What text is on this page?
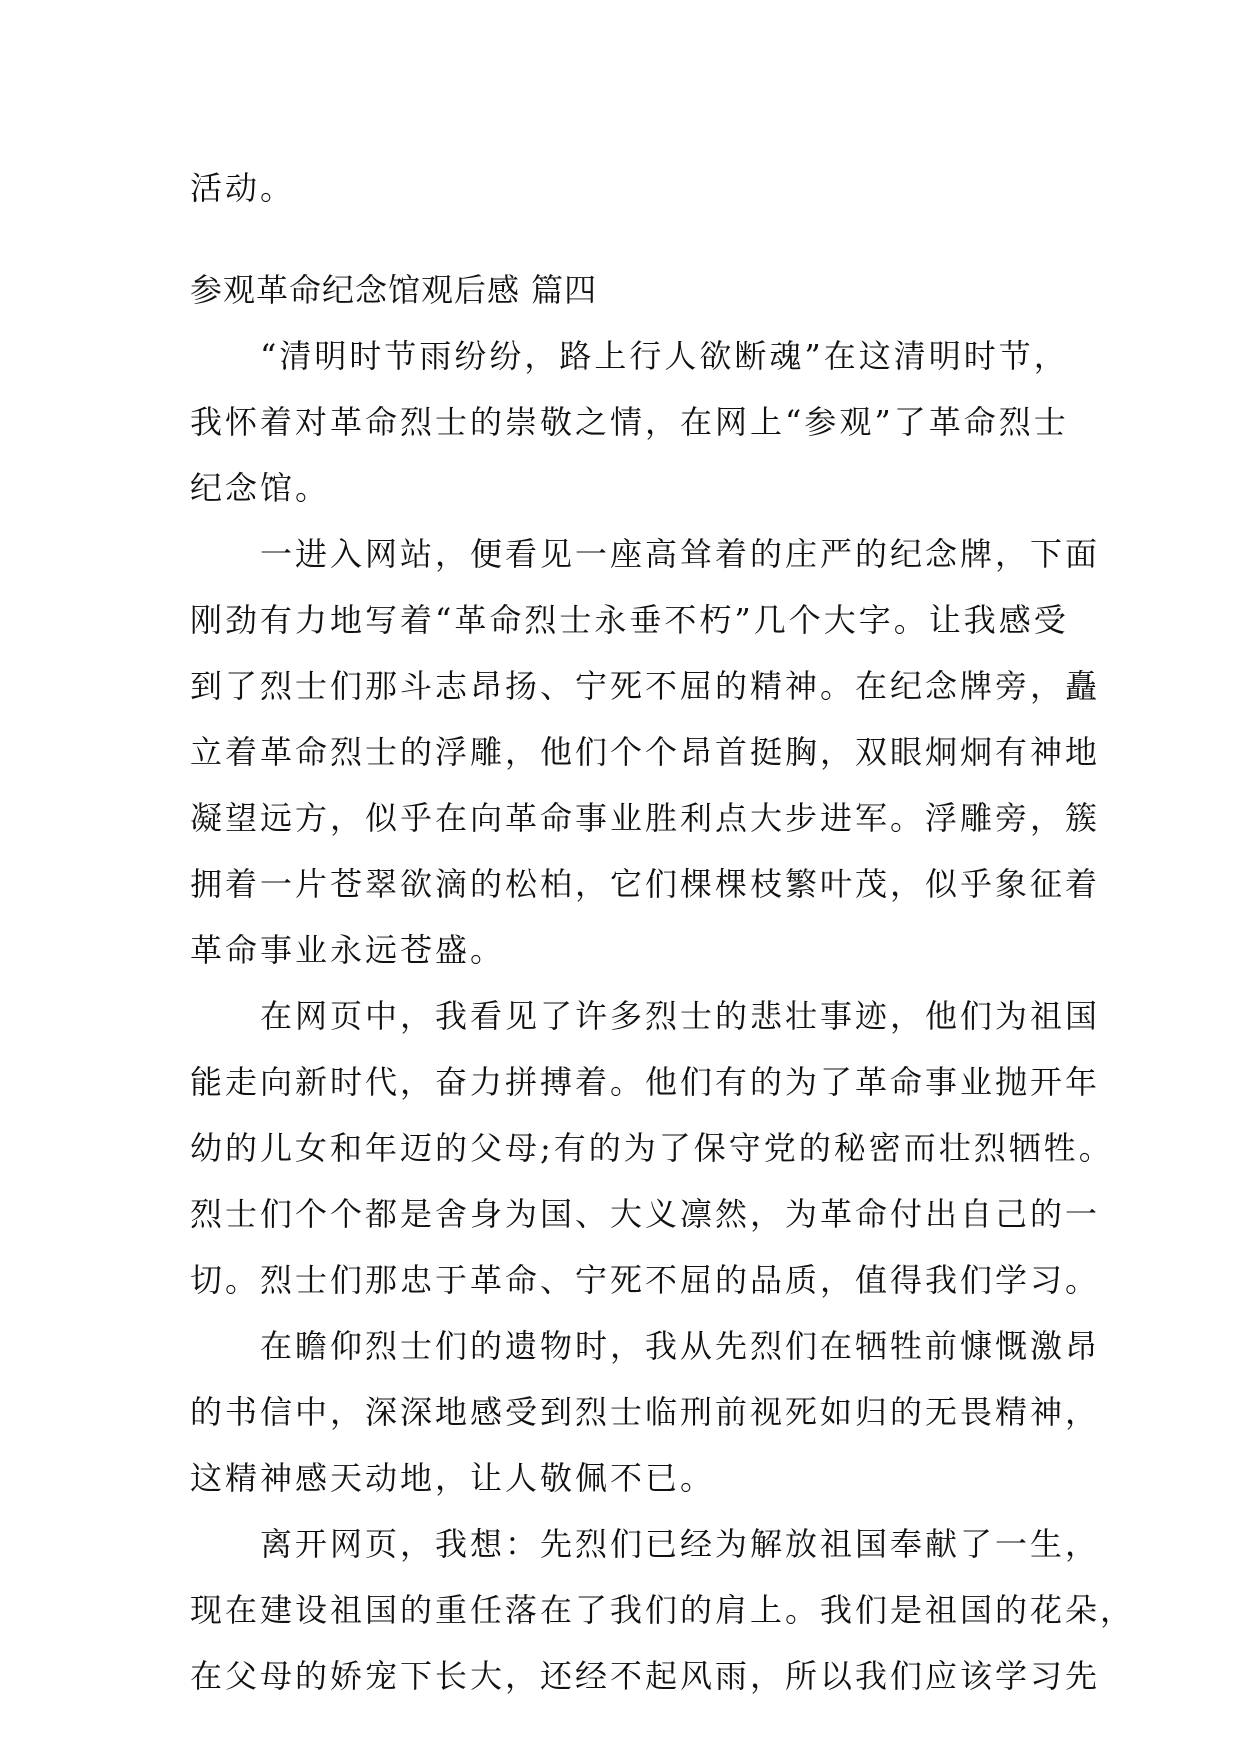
活动。
参观革命纪念馆观后感 篇四
　　“清明时节雨纷纷，路上行人欲断魂”在这清明时节，
我怀着对革命烈士的崇敬之情，在网上“参观”了革命烈士
纪念馆。
　　一进入网站，便看见一座高耸着的庄严的纪念牌，下面
刚劲有力地写着“革命烈士永垂不朽”几个大字。让我感受
到了烈士们那斗志昂扬、宁死不屈的精神。在纪念牌旁，矗
立着革命烈士的浮雕，他们个个昂首挺胸，双眼炯炯有神地
凝望远方，似乎在向革命事业胜利点大步进军。浮雕旁，簇
拥着一片苍翠欲滴的松柏，它们棵棵枝繁叶茂，似乎象征着
革命事业永远苍盛。
　　在网页中，我看见了许多烈士的悲壮事迹，他们为祖国
能走向新时代，奋力拼搏着。他们有的为了革命事业抛开年
幼的儿女和年迈的父母;有的为了保守党的秘密而壮烈牺牲。
烈士们个个都是舍身为国、大义凛然，为革命付出自己的一
切。烈士们那忠于革命、宁死不屈的品质，值得我们学习。
　　在瞻仰烈士们的遗物时，我从先烈们在牺牲前慷慨激昂
的书信中，深深地感受到烈士临刑前视死如归的无畏精神，
这精神感天动地，让人敬佩不已。
　　离开网页，我想：先烈们已经为解放祖国奉献了一生，
现在建设祖国的重任落在了我们的肩上。我们是祖国的花朵，
在父母的娇宠下长大，还经不起风雨，所以我们应该学习先
